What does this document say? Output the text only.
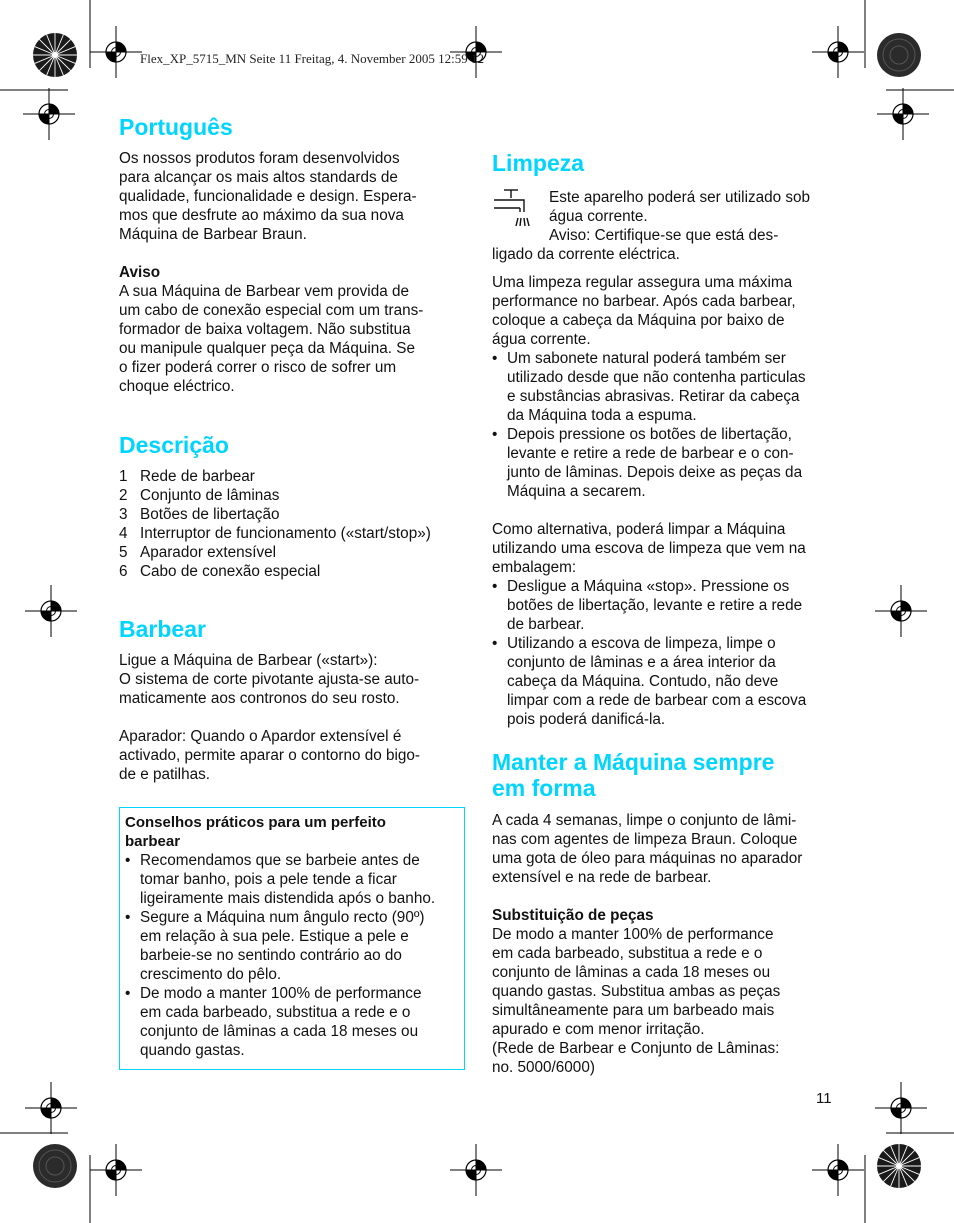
Flex_XP_5715_MN Seite 11 Freitag, 4. November 2005 12:59 12
Português

Os nossos produtos foram desenvolvidos
para alcançar os mais altos standards de
qualidade, funcionalidade e design. Espera-
mos que desfrute ao máximo da sua nova
Máquina de Barbear Braun.

Aviso

A sua Máquina de Barbear vem provida de
um cabo de conexão especial com um trans-
formador de baixa voltagem. Não substitua
ou manipule qualquer peça da Máquina. Se
o fizer poderá correr o risco de sofrer um
choque eléctrico.

Descrição
1 Rede de barbear
2 Conjunto de lâminas
3 Botões de libertação
4 Interruptor de funcionamento («start/stop»)
5 Aparador extensível
6 Cabo de conexão especial
Barbear

Ligue a Máquina de Barbear («start»):
O sistema de corte pivotante ajusta-se auto-
maticamente aos contronos do seu rosto.

Aparador: Quando o Apardor extensível é
activado, permite aparar o contorno do bigo-
de e patilhas.

Conselhos práticos para um perfeito
barbear
• Recomendamos que se barbeie antes de
tomar banho, pois a pele tende a ficar
ligeiramente mais distendida após o banho.
• Segure a Máquina num ângulo recto (90º)
em relação à sua pele. Estique a pele e
barbeie-se no sentindo contrário ao do
crescimento do pêlo.
• De modo a manter 100% de performance
em cada barbeado, substitua a rede e o
conjunto de lâminas a cada 18 meses ou
quando gastas.
Limpeza

Este aparelho poderá ser utilizado sob
água corrente.
Aviso: Certifique-se que está des-

ligado da corrente eléctrica.

Uma limpeza regular assegura uma máxima
performance no barbear. Após cada barbear,
coloque a cabeça da Máquina por baixo de
água corrente.

• Um sabonete natural poderá também ser
utilizado desde que não contenha particulas
e substâncias abrasivas. Retirar da cabeça
da Máquina toda a espuma.
• Depois pressione os botões de libertação,
levante e retire a rede de barbear e o con-
junto de lâminas. Depois deixe as peças da
Máquina a secarem.

Como alternativa, poderá limpar a Máquina
utilizando uma escova de limpeza que vem na
embalagem:

• Desligue a Máquina «stop». Pressione os
botões de libertação, levante e retire a rede
de barbear.
• Utilizando a escova de limpeza, limpe o
conjunto de lâminas e a área interior da
cabeça da Máquina. Contudo, não deve
limpar com a rede de barbear com a escova
pois poderá danificá-la.
Manter a Máquina sempre
em forma

A cada 4 semanas, limpe o conjunto de lâmi-
nas com agentes de limpeza Braun. Coloque
uma gota de óleo para máquinas no aparador
extensível e na rede de barbear.

Substituição de peças

De modo a manter 100% de performance
em cada barbeado, substitua a rede e o
conjunto de lâminas a cada 18 meses ou
quando gastas. Substitua ambas as peças
simultâneamente para um barbeado mais
apurado e com menor irritação.
(Rede de Barbear e Conjunto de Lâminas:
no. 5000/6000)

11
